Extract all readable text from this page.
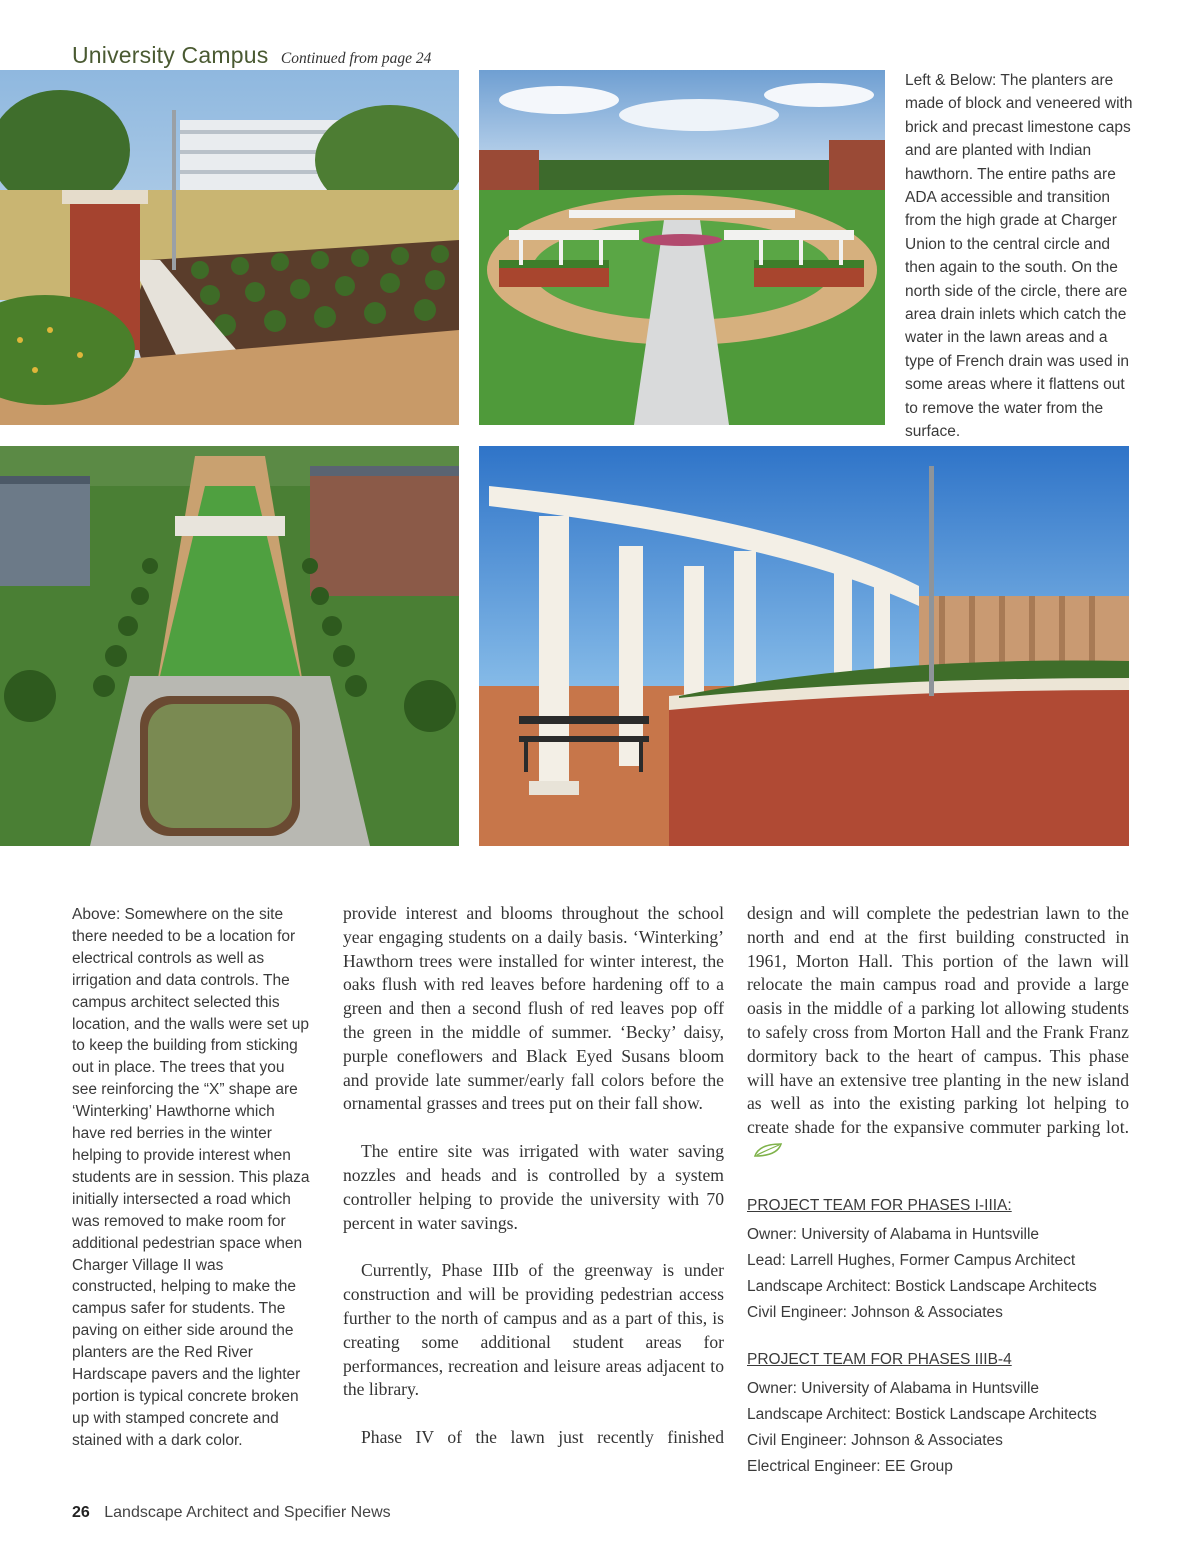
University Campus Continued from page 24
Left & Below: The planters are made of block and veneered with brick and precast limestone caps and are planted with Indian hawthorn. The entire paths are ADA accessible and transition from the high grade at Charger Union to the central circle and then again to the south. On the north side of the circle, there are area drain inlets which catch the water in the lawn areas and a type of French drain was used in some areas where it flattens out to remove the water from the surface.
Above: Somewhere on the site there needed to be a location for electrical controls as well as irrigation and data controls. The campus architect selected this location, and the walls were set up to keep the building from sticking out in place. The trees that you see reinforcing the “X” shape are ‘Winterking’ Hawthorne which have red berries in the winter helping to provide interest when students are in session. This plaza initially intersected a road which was removed to make room for additional pedestrian space when Charger Village II was constructed, helping to make the campus safer for students. The paving on either side around the planters are the Red River Hardscape pavers and the lighter portion is typical concrete broken up with stamped concrete and stained with a dark color.

provide interest and blooms throughout the school year engaging students on a daily basis. ‘Winterking’ Hawthorn trees were installed for winter interest, the oaks flush with red leaves before hardening off to a green and then a second flush of red leaves pop off the green in the middle of summer. ‘Becky’ daisy, purple coneflowers and Black Eyed Susans bloom and provide late summer/early fall colors before the ornamental grasses and trees put on their fall show.

The entire site was irrigated with water saving nozzles and heads and is controlled by a system controller helping to provide the university with 70 percent in water savings.

Currently, Phase IIIb of the greenway is under construction and will be providing pedestrian access further to the north of campus and as a part of this, is creating some additional student areas for performances, recreation and leisure areas adjacent to the library.

Phase IV of the lawn just recently finished

design and will complete the pedestrian lawn to the north and end at the first building constructed in 1961, Morton Hall. This portion of the lawn will relocate the main campus road and provide a large oasis in the middle of a parking lot allowing students to safely cross from Morton Hall and the Frank Franz dormitory back to the heart of campus. This phase will have an extensive tree planting in the new island as well as into the existing parking lot helping to create shade for the expansive commuter parking lot.

PROJECT TEAM FOR PHASES I-IIIA:
Owner: University of Alabama in Huntsville
Lead: Larrell Hughes, Former Campus Architect
Landscape Architect: Bostick Landscape Architects
Civil Engineer: Johnson & Associates
PROJECT TEAM FOR PHASES IIIB-4
Owner: University of Alabama in Huntsville
Landscape Architect: Bostick Landscape Architects
Civil Engineer: Johnson & Associates
Electrical Engineer: EE Group
26 Landscape Architect and Specifier News
